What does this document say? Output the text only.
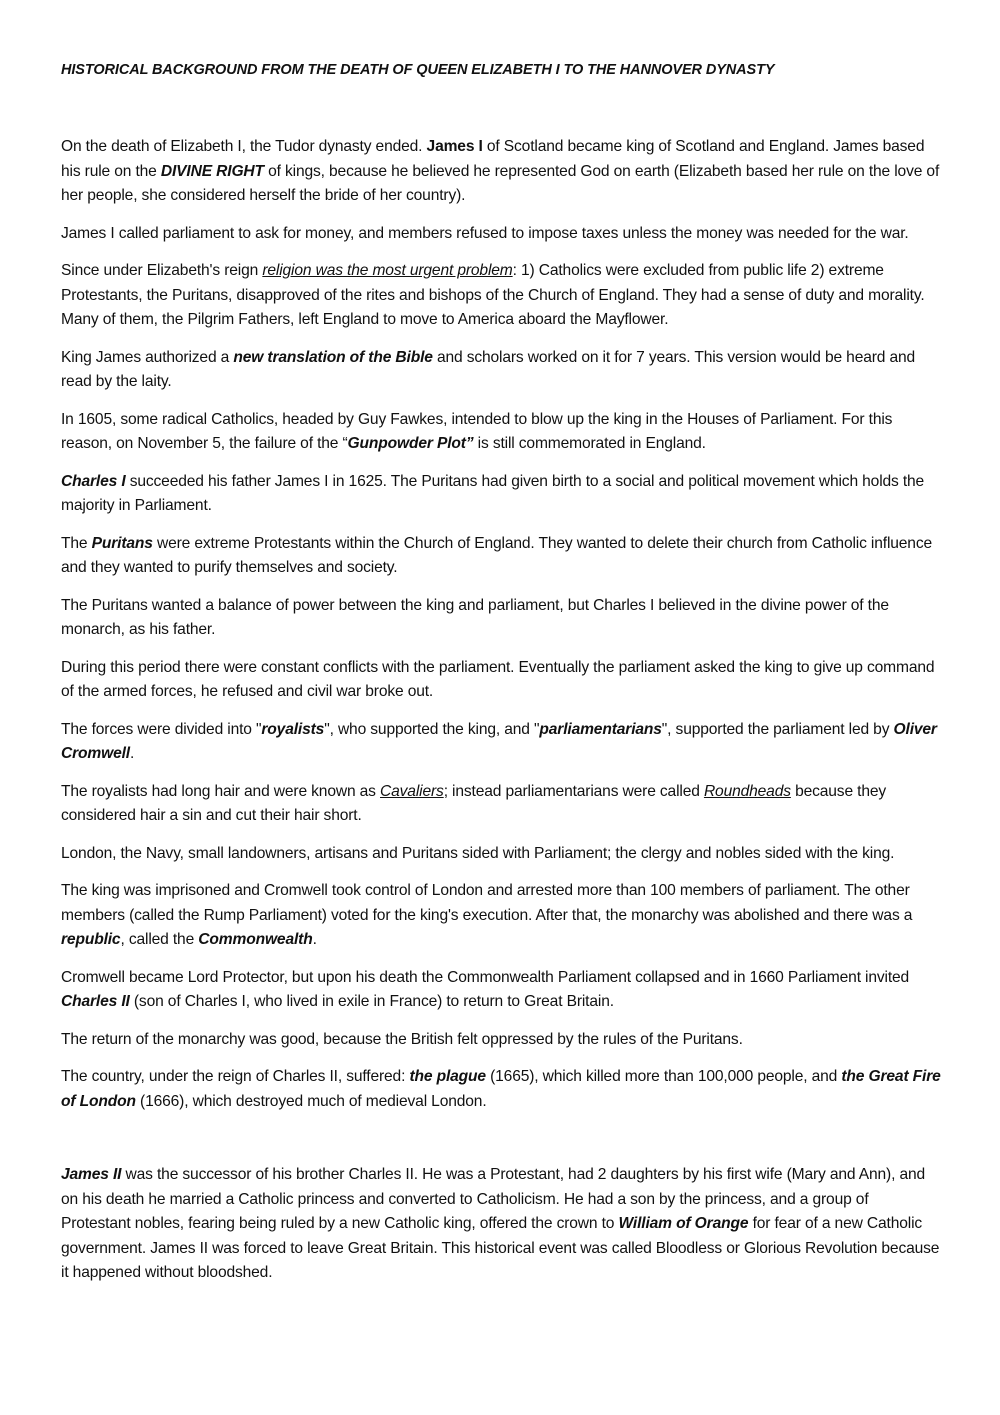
HISTORICAL BACKGROUND FROM THE DEATH OF QUEEN ELIZABETH I TO THE HANNOVER DYNASTY

On the death of Elizabeth I, the Tudor dynasty ended. James I of Scotland became king of Scotland and England. James based his rule on the DIVINE RIGHT of kings, because he believed he represented God on earth (Elizabeth based her rule on the love of her people, she considered herself the bride of her country).

James I called parliament to ask for money, and members refused to impose taxes unless the money was needed for the war.

Since under Elizabeth's reign religion was the most urgent problem: 1) Catholics were excluded from public life 2) extreme Protestants, the Puritans, disapproved of the rites and bishops of the Church of England. They had a sense of duty and morality. Many of them, the Pilgrim Fathers, left England to move to America aboard the Mayflower.

King James authorized a new translation of the Bible and scholars worked on it for 7 years. This version would be heard and read by the laity.

In 1605, some radical Catholics, headed by Guy Fawkes, intended to blow up the king in the Houses of Parliament. For this reason, on November 5, the failure of the “Gunpowder Plot” is still commemorated in England.

Charles I succeeded his father James I in 1625. The Puritans had given birth to a social and political movement which holds the majority in Parliament.

The Puritans were extreme Protestants within the Church of England. They wanted to delete their church from Catholic influence and they wanted to purify themselves and society.

The Puritans wanted a balance of power between the king and parliament, but Charles I believed in the divine power of the monarch, as his father.

During this period there were constant conflicts with the parliament. Eventually the parliament asked the king to give up command of the armed forces, he refused and civil war broke out.

The forces were divided into "royalists", who supported the king, and "parliamentarians", supported the parliament led by Oliver Cromwell.

The royalists had long hair and were known as Cavaliers; instead parliamentarians were called Roundheads because they considered hair a sin and cut their hair short.

London, the Navy, small landowners, artisans and Puritans sided with Parliament; the clergy and nobles sided with the king.

The king was imprisoned and Cromwell took control of London and arrested more than 100 members of parliament. The other members (called the Rump Parliament) voted for the king's execution. After that, the monarchy was abolished and there was a republic, called the Commonwealth.

Cromwell became Lord Protector, but upon his death the Commonwealth Parliament collapsed and in 1660 Parliament invited Charles II (son of Charles I, who lived in exile in France) to return to Great Britain.

The return of the monarchy was good, because the British felt oppressed by the rules of the Puritans.

The country, under the reign of Charles II, suffered: the plague (1665), which killed more than 100,000 people, and the Great Fire of London (1666), which destroyed much of medieval London.

James II was the successor of his brother Charles II. He was a Protestant, had 2 daughters by his first wife (Mary and Ann), and on his death he married a Catholic princess and converted to Catholicism. He had a son by the princess, and a group of Protestant nobles, fearing being ruled by a new Catholic king, offered the crown to William of Orange for fear of a new Catholic government. James II was forced to leave Great Britain. This historical event was called Bloodless or Glorious Revolution because it happened without bloodshed.
